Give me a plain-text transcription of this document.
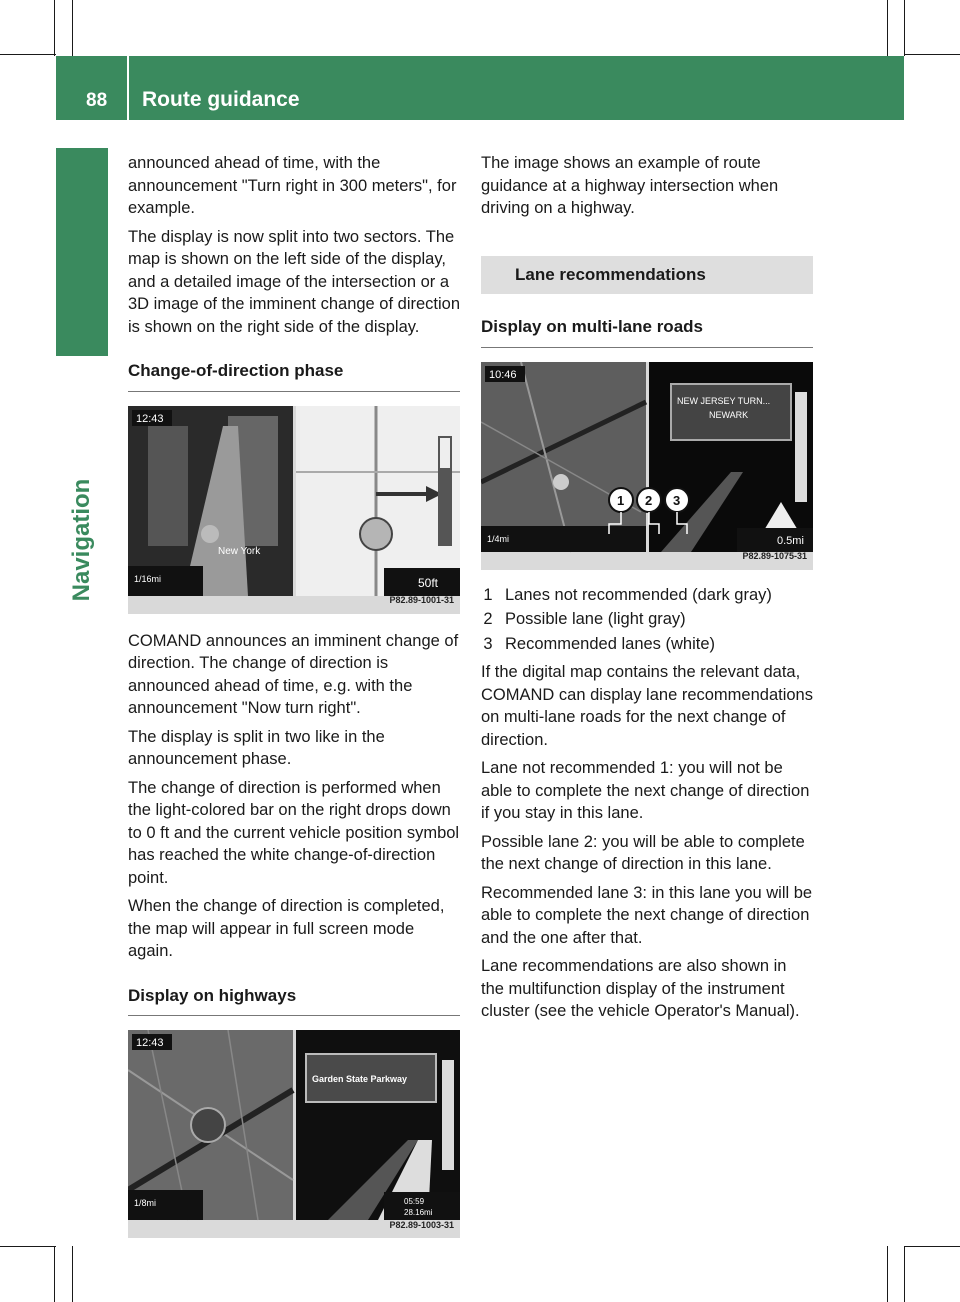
88 Route guidance
Navigation

announced ahead of time, with the announcement "Turn right in 300 meters", for example.

The display is now split into two sectors. The map is shown on the left side of the display, and a detailed image of the intersection or a 3D image of the imminent change of direction is shown on the right side of the display.

Change-of-direction phase
12:43
1/16mi
New York
50ft
P82.89-1001-31

COMAND announces an imminent change of direction. The change of direction is announced ahead of time, e.g. with the announcement "Now turn right".

The display is split in two like in the announcement phase.

The change of direction is performed when the light-colored bar on the right drops down to 0 ft and the current vehicle position symbol has reached the white change-of-direction point.

When the change of direction is completed, the map will appear in full screen mode again.

Display on highways
12:43
1/8mi
Garden State Parkway
05:59
28.16mi
P82.89-1003-31

The image shows an example of route guidance at a highway intersection when driving on a highway.

Lane recommendations
Display on multi-lane roads
10:46
1/4mi
NEW JERSEY TURN...
NEWARK
0.5mi
1 2 3
P82.89-1075-31
1 Lanes not recommended (dark gray)
2 Possible lane (light gray)
3 Recommended lanes (white)

If the digital map contains the relevant data, COMAND can display lane recommendations on multi-lane roads for the next change of direction.

Lane not recommended 1: you will not be able to complete the next change of direction if you stay in this lane.

Possible lane 2: you will be able to complete the next change of direction in this lane.

Recommended lane 3: in this lane you will be able to complete the next change of direction and the one after that.

Lane recommendations are also shown in the multifunction display of the instrument cluster (see the vehicle Operator's Manual).
